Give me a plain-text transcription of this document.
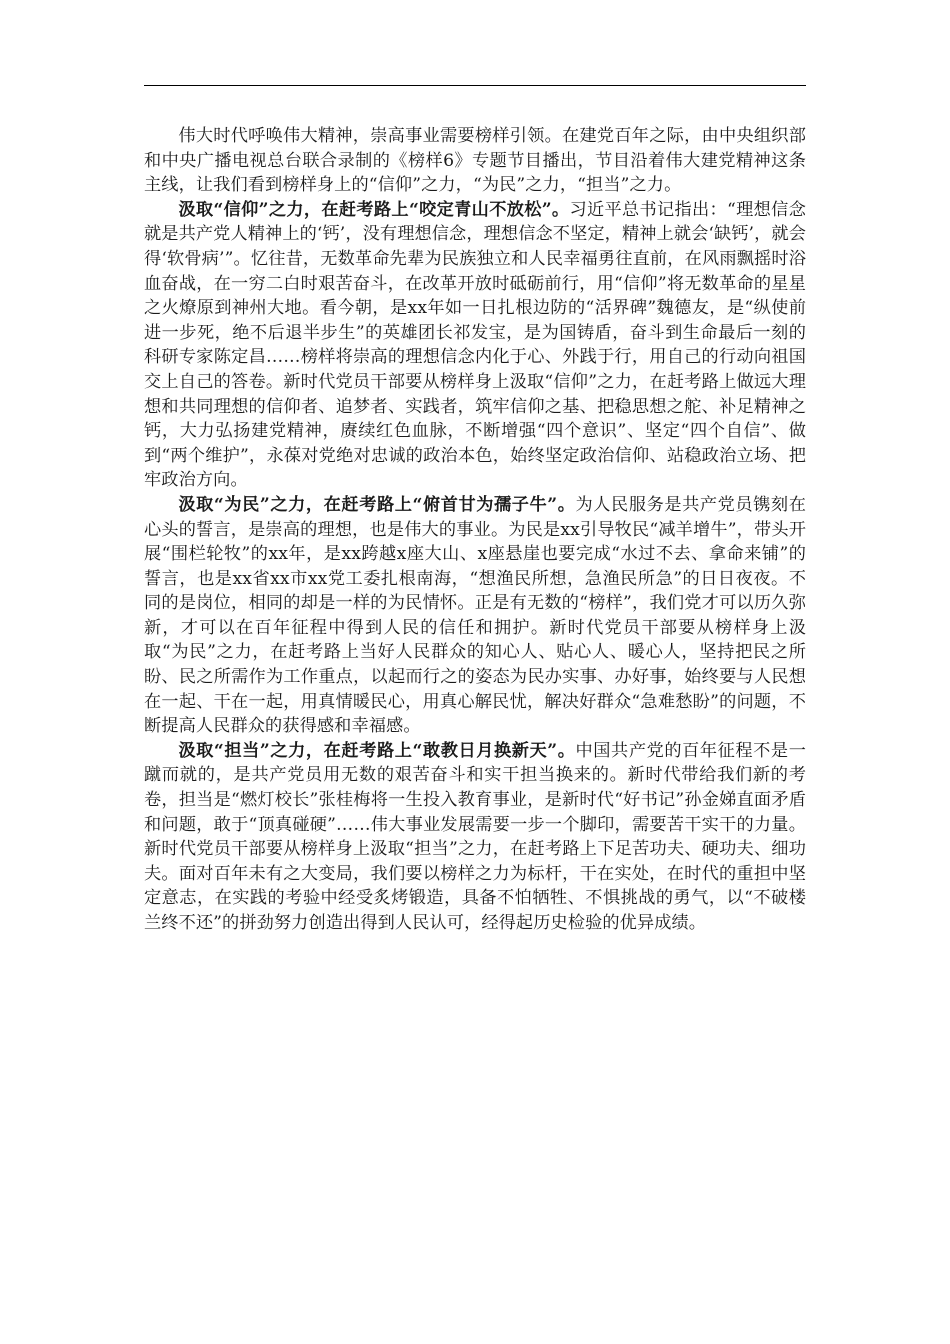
伟大时代呼唤伟大精神，崇高事业需要榜样引领。在建党百年之际，由中央组织部和中央广播电视总台联合录制的《榜样6》专题节目播出，节目沿着伟大建党精神这条主线，让我们看到榜样身上的“信仰”之力，“为民”之力，“担当”之力。

汲取“信仰”之力，在赶考路上“咬定青山不放松”。习近平总书记指出：“理想信念就是共产党人精神上的‘钙’，没有理想信念，理想信念不坚定，精神上就会‘缺钙’，就会得‘软骨病’”。忆往昔，无数革命先辈为民族独立和人民幸福勇往直前，在风雨飘摇时浴血奋战，在一穷二白时艰苦奋斗，在改革开放时砥砺前行，用“信仰”将无数革命的星星之火燎原到神州大地。看今朝，是xx年如一日扎根边防的“活界碑”魏德友，是“纵使前进一步死，绝不后退半步生”的英雄团长祁发宝，是为国铸盾，奋斗到生命最后一刻的科研专家陈定昌……榜样将崇高的理想信念内化于心、外践于行，用自己的行动向祖国交上自己的答卷。新时代党员干部要从榜样身上汲取“信仰”之力，在赶考路上做远大理想和共同理想的信仰者、追梦者、实践者，筑牢信仰之基、把稳思想之舵、补足精神之钙，大力弘扬建党精神，赓续红色血脉，不断增强“四个意识”、坚定“四个自信”、做到“两个维护”，永葆对党绝对忠诚的政治本色，始终坚定政治信仰、站稳政治立场、把牢政治方向。

汲取“为民”之力，在赶考路上“俯首甘为孺子牛”。为人民服务是共产党员镌刻在心头的誓言，是崇高的理想，也是伟大的事业。为民是xx引导牧民“减羊增牛”，带头开展“围栏轮牧”的xx年，是xx跨越x座大山、x座悬崖也要完成“水过不去、拿命来铺”的誓言，也是xx省xx市xx党工委扎根南海，“想渔民所想，急渔民所急”的日日夜夜。不同的是岗位，相同的却是一样的为民情怀。正是有无数的“榜样”，我们党才可以历久弥新，才可以在百年征程中得到人民的信任和拥护。新时代党员干部要从榜样身上汲取“为民”之力，在赶考路上当好人民群众的知心人、贴心人、暖心人，坚持把民之所盼、民之所需作为工作重点，以起而行之的姿态为民办实事、办好事，始终要与人民想在一起、干在一起，用真情暖民心，用真心解民忧，解决好群众“急难愁盼”的问题，不断提高人民群众的获得感和幸福感。

汲取“担当”之力，在赶考路上“敢教日月换新天”。中国共产党的百年征程不是一蹴而就的，是共产党员用无数的艰苦奋斗和实干担当换来的。新时代带给我们新的考卷，担当是“燃灯校长”张桂梅将一生投入教育事业，是新时代“好书记”孙金娣直面矛盾和问题，敢于“顶真碰硬”……伟大事业发展需要一步一个脚印，需要苦干实干的力量。新时代党员干部要从榜样身上汲取“担当”之力，在赶考路上下足苦功夫、硬功夫、细功夫。面对百年未有之大变局，我们要以榜样之力为标杆，干在实处，在时代的重担中坚定意志，在实践的考验中经受炙烤锻造，具备不怕牺牲、不惧挑战的勇气，以“不破楼兰终不还”的拼劲努力创造出得到人民认可，经得起历史检验的优异成绩。
